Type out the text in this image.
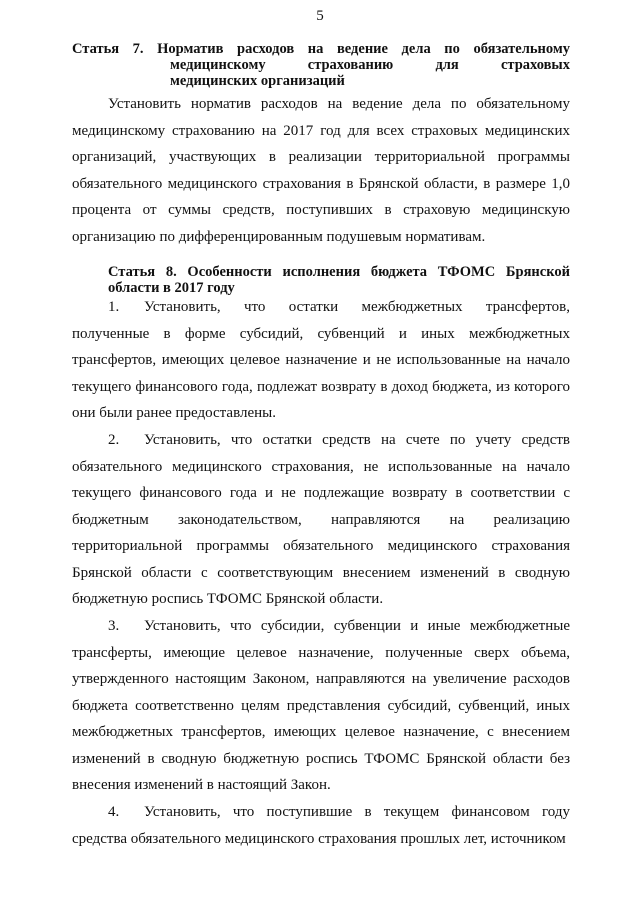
5
Статья 7. Норматив расходов на ведение дела по обязательному
медицинскому страхованию для страховых
медицинских организаций
Установить норматив расходов на ведение дела по обязательному медицинскому страхованию на 2017 год для всех страховых медицинских организаций, участвующих в реализации территориальной программы обязательного медицинского страхования в Брянской области, в размере 1,0 процента от суммы средств, поступивших в страховую медицинскую организацию по дифференцированным подушевым нормативам.
Статья 8. Особенности исполнения бюджета ТФОМС Брянской
области в 2017 году
1. Установить, что остатки межбюджетных трансфертов, полученные в форме субсидий, субвенций и иных межбюджетных трансфертов, имеющих целевое назначение и не использованные на начало текущего финансового года, подлежат возврату в доход бюджета, из которого они были ранее предоставлены.
2. Установить, что остатки средств на счете по учету средств обязательного медицинского страхования, не использованные на начало текущего финансового года и не подлежащие возврату в соответствии с бюджетным законодательством, направляются на реализацию территориальной программы обязательного медицинского страхования Брянской области с соответствующим внесением изменений в сводную бюджетную роспись ТФОМС Брянской области.
3. Установить, что субсидии, субвенции и иные межбюджетные трансферты, имеющие целевое назначение, полученные сверх объема, утвержденного настоящим Законом, направляются на увеличение расходов бюджета соответственно целям представления субсидий, субвенций, иных межбюджетных трансфертов, имеющих целевое назначение, с внесением изменений в сводную бюджетную роспись ТФОМС Брянской области без внесения изменений в настоящий Закон.
4. Установить, что поступившие в текущем финансовом году средства обязательного медицинского страхования прошлых лет, источником
